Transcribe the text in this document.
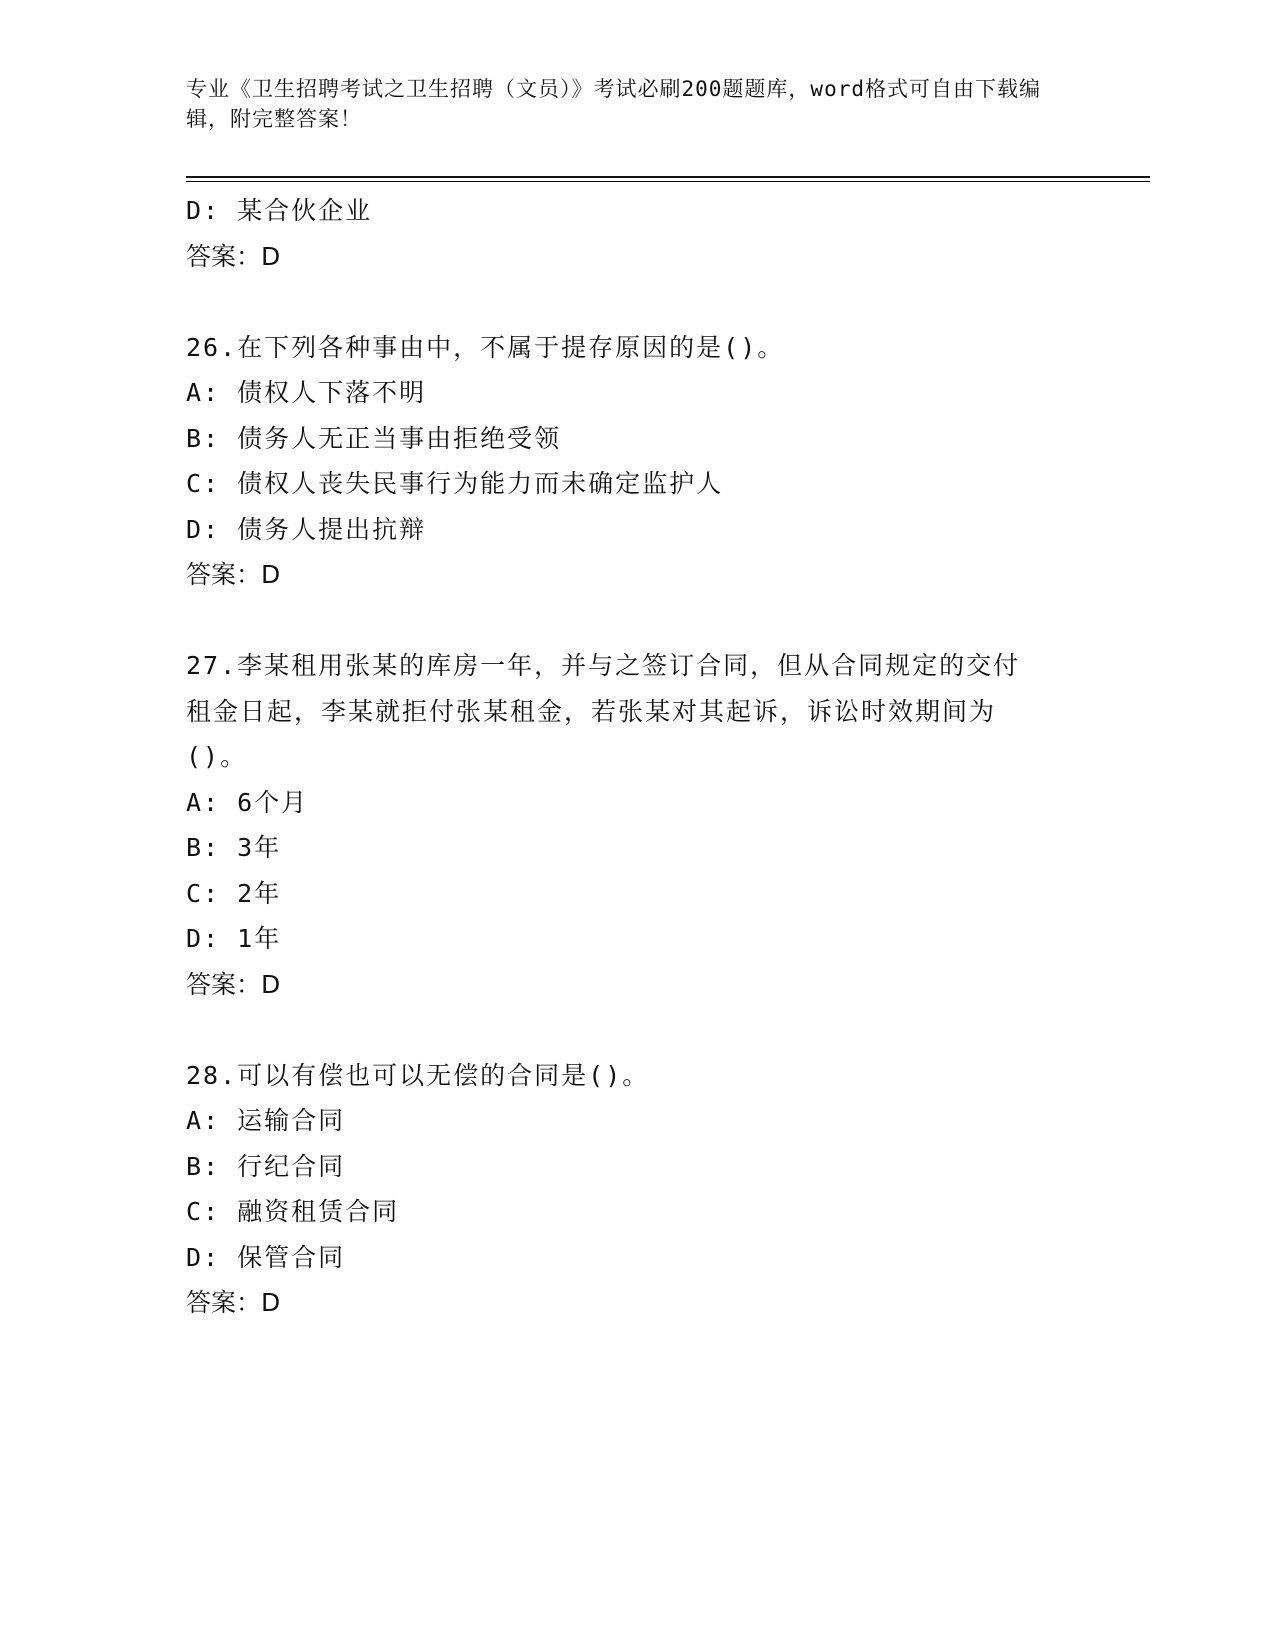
专业《卫生招聘考试之卫生招聘（文员）》考试必刷200题题库，word格式可自由下载编辑，附完整答案！
D: 某合伙企业
答案：D
26.在下列各种事由中，不属于提存原因的是()。
A: 债权人下落不明
B: 债务人无正当事由拒绝受领
C: 债权人丧失民事行为能力而未确定监护人
D: 债务人提出抗辩
答案：D
27.李某租用张某的库房一年，并与之签订合同，但从合同规定的交付租金日起，李某就拒付张某租金，若张某对其起诉，诉讼时效期间为()。
A: 6个月
B: 3年
C: 2年
D: 1年
答案：D
28.可以有偿也可以无偿的合同是()。
A: 运输合同
B: 行纪合同
C: 融资租赁合同
D: 保管合同
答案：D
